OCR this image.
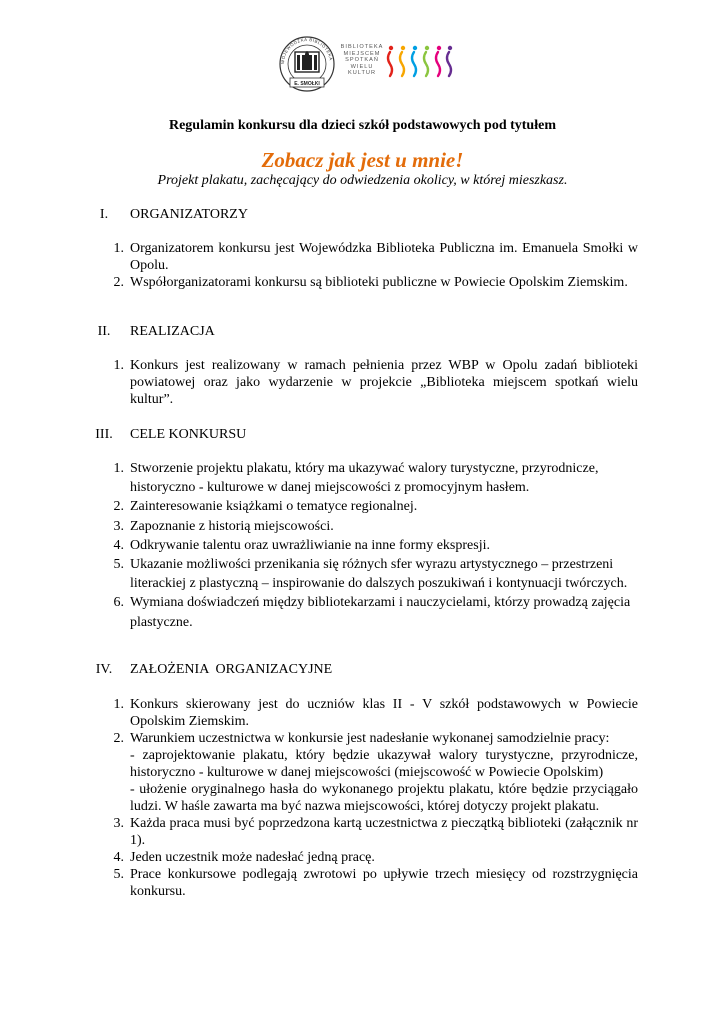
WOJEWÓDZKA BIBLIOTEKA
E. SMOŁKI
BIBLIOTEKA MIEJSCEM SPOTKAŃ WIELU KULTUR
Regulamin konkursu dla dzieci szkół podstawowych pod tytułem
Zobacz jak jest u mnie!
Projekt plakatu, zachęcający do odwiedzenia okolicy, w której mieszkasz.
I.	ORGANIZATORZY
1. Organizatorem konkursu jest Wojewódzka Biblioteka Publiczna im. Emanuela Smołki w Opolu.
2. Współorganizatorami konkursu są biblioteki publiczne w Powiecie Opolskim Ziemskim.
II.	REALIZACJA
1. Konkurs jest realizowany w ramach pełnienia przez WBP w Opolu zadań biblioteki powiatowej oraz jako wydarzenie w projekcie „Biblioteka miejscem spotkań wielu kultur”.
III. CELE KONKURSU
1. Stworzenie projektu plakatu, który ma ukazywać walory turystyczne, przyrodnicze, historyczno - kulturowe w danej miejscowości z promocyjnym hasłem.
2. Zainteresowanie książkami o tematyce regionalnej.
3. Zapoznanie z historią miejscowości.
4. Odkrywanie talentu oraz uwrażliwianie na inne formy ekspresji.
5. Ukazanie możliwości przenikania się różnych sfer wyrazu artystycznego – przestrzeni literackiej z plastyczną – inspirowanie do dalszych poszukiwań i kontynuacji twórczych.
6. Wymiana doświadczeń między bibliotekarzami i nauczycielami, którzy prowadzą zajęcia plastyczne.
IV. ZAŁOŻENIA  ORGANIZACYJNE
1. Konkurs skierowany jest do uczniów klas II - V szkół podstawowych w Powiecie Opolskim Ziemskim.
2. Warunkiem uczestnictwa w konkursie jest nadesłanie wykonanej samodzielnie pracy:
- zaprojektowanie plakatu, który będzie ukazywał walory turystyczne, przyrodnicze, historyczno - kulturowe w danej miejscowości (miejscowość w Powiecie Opolskim)
- ułożenie oryginalnego hasła do wykonanego projektu plakatu, które będzie przyciągało ludzi. W haśle zawarta ma być nazwa miejscowości, której dotyczy projekt plakatu.
3. Każda praca musi być poprzedzona kartą uczestnictwa z pieczątką biblioteki (załącznik nr 1).
4. Jeden uczestnik może nadesłać jedną pracę.
5. Prace konkursowe podlegają zwrotowi po upływie trzech miesięcy od rozstrzygnięcia konkursu.
